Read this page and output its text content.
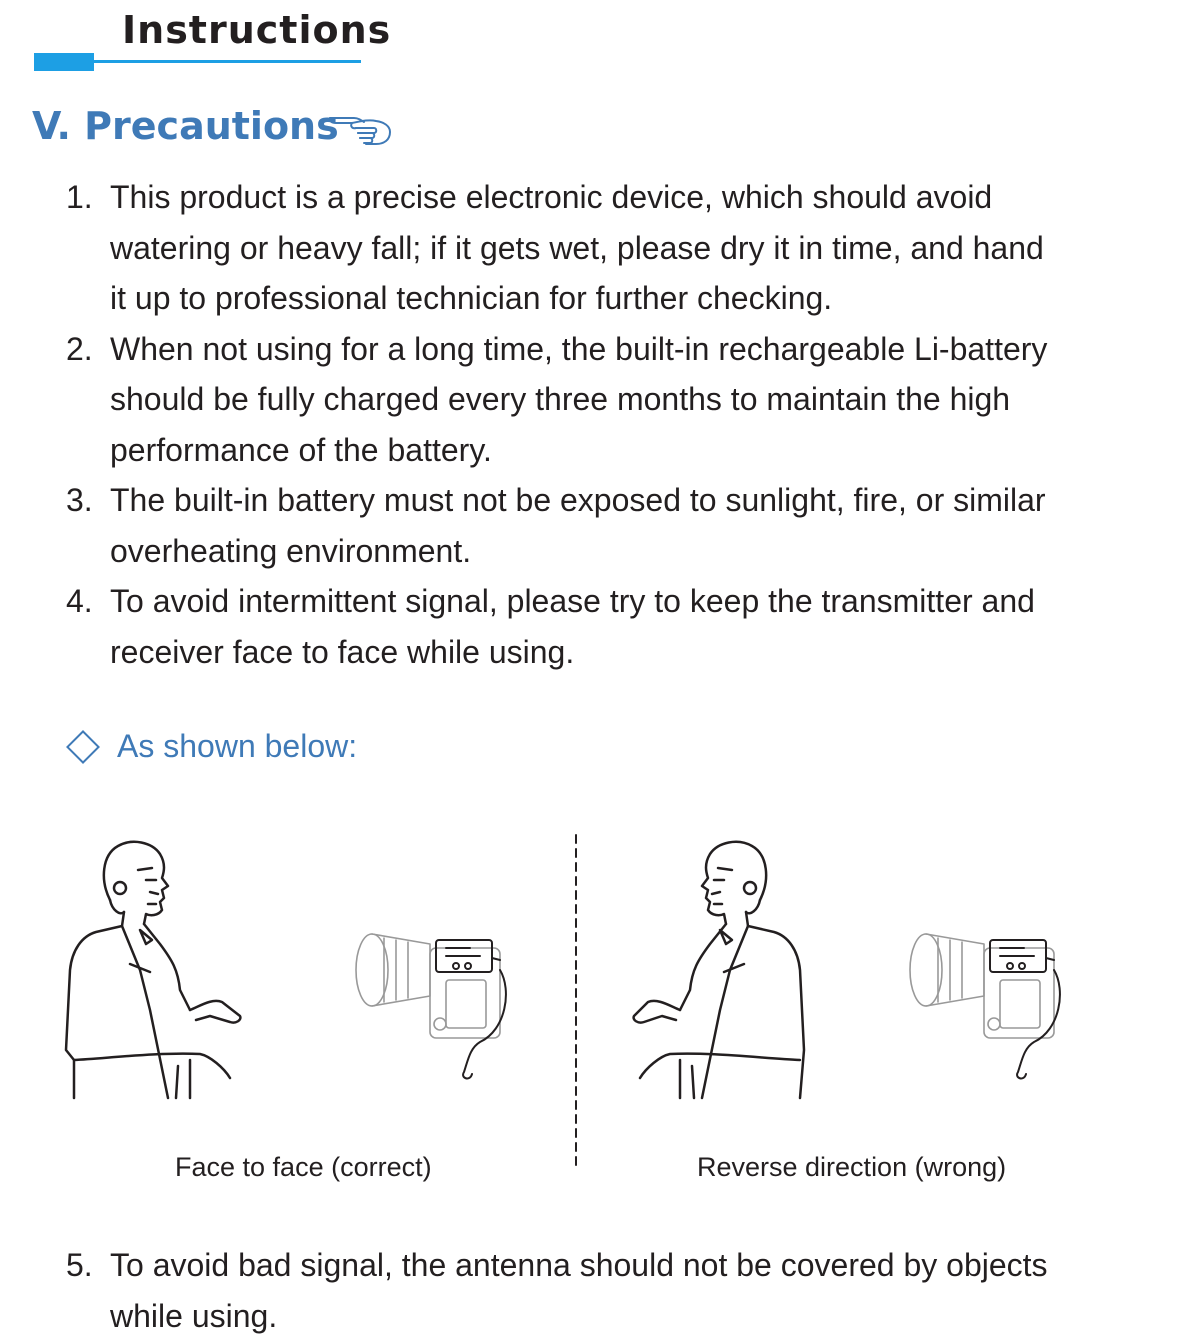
Instructions
V. Precautions
1. This product is a precise electronic device, which should avoid watering or heavy fall; if it gets wet, please dry it in time, and hand it up to professional technician for further checking.
2. When not using for a long time, the built-in rechargeable Li-battery should be fully charged every three months to maintain the high performance of the battery.
3. The built-in battery must not be exposed to sunlight, fire, or similar overheating environment.
4. To avoid intermittent signal, please try to keep the transmitter and receiver face to face while using.
As shown below:
Face to face (correct)	Reverse direction (wrong)
5. To avoid bad signal, the antenna should not be covered by objects while using.
